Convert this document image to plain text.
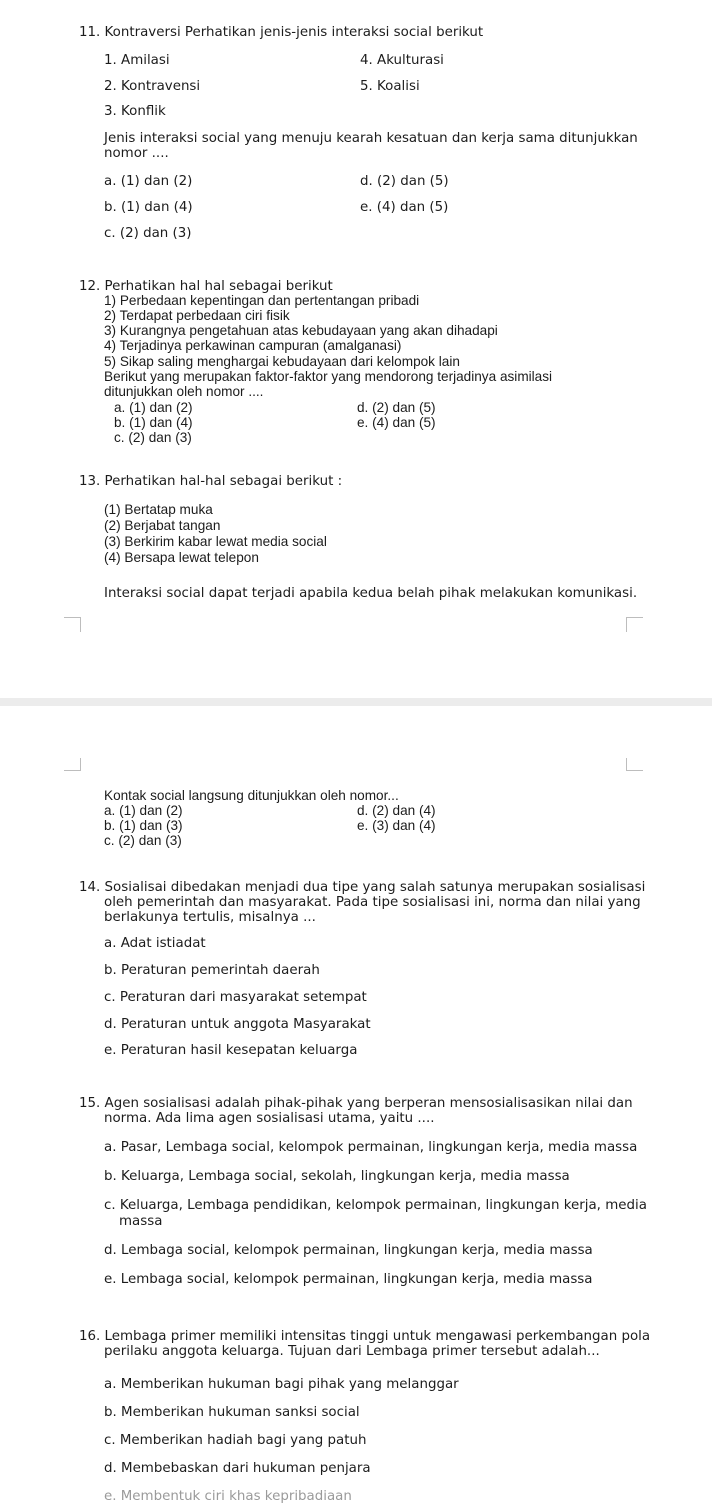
11. Kontraversi Perhatikan jenis-jenis interaksi social berikut
1. Amilasi	4. Akulturasi
2. Kontravensi	5. Koalisi
3. Konflik
Jenis interaksi social yang menuju kearah kesatuan dan kerja sama ditunjukkan
nomor ....
a. (1) dan (2)	d. (2) dan (5)
b. (1) dan (4)	e. (4) dan (5)
c. (2) dan (3)
12. Perhatikan hal hal sebagai berikut
1) Perbedaan kepentingan dan pertentangan pribadi
2) Terdapat perbedaan ciri fisik
3) Kurangnya pengetahuan atas kebudayaan yang akan dihadapi
4) Terjadinya perkawinan campuran (amalganasi)
5) Sikap saling menghargai kebudayaan dari kelompok lain
Berikut yang merupakan faktor-faktor yang mendorong terjadinya asimilasi
ditunjukkan oleh nomor ....
a. (1) dan (2)	d. (2) dan (5)
b. (1) dan (4)	e. (4) dan (5)
c. (2) dan (3)
13. Perhatikan hal-hal sebagai berikut :
(1) Bertatap muka
(2) Berjabat tangan
(3) Berkirim kabar lewat media social
(4) Bersapa lewat telepon
Interaksi social dapat terjadi apabila kedua belah pihak melakukan komunikasi.
Kontak social langsung ditunjukkan oleh nomor...
a. (1) dan (2)	d. (2) dan (4)
b. (1) dan (3)	e. (3) dan (4)
c. (2) dan (3)
14. Sosialisai dibedakan menjadi dua tipe yang salah satunya merupakan sosialisasi
oleh pemerintah dan masyarakat. Pada tipe sosialisasi ini, norma dan nilai yang
berlakunya tertulis, misalnya ...
a. Adat istiadat
b. Peraturan pemerintah daerah
c. Peraturan dari masyarakat setempat
d. Peraturan untuk anggota Masyarakat
e. Peraturan hasil kesepatan keluarga
15. Agen sosialisasi adalah pihak-pihak yang berperan mensosialisasikan nilai dan
norma. Ada lima agen sosialisasi utama, yaitu ....
a. Pasar, Lembaga social, kelompok permainan, lingkungan kerja, media massa
b. Keluarga, Lembaga social, sekolah, lingkungan kerja, media massa
c. Keluarga, Lembaga pendidikan, kelompok permainan, lingkungan kerja, media
massa
d. Lembaga social, kelompok permainan, lingkungan kerja, media massa
e. Lembaga social, kelompok permainan, lingkungan kerja, media massa
16. Lembaga primer memiliki intensitas tinggi untuk mengawasi perkembangan pola
perilaku anggota keluarga. Tujuan dari Lembaga primer tersebut adalah...
a. Memberikan hukuman bagi pihak yang melanggar
b. Memberikan hukuman sanksi social
c. Memberikan hadiah bagi yang patuh
d. Membebaskan dari hukuman penjara
e. Membentuk ciri khas kepribadiaan
